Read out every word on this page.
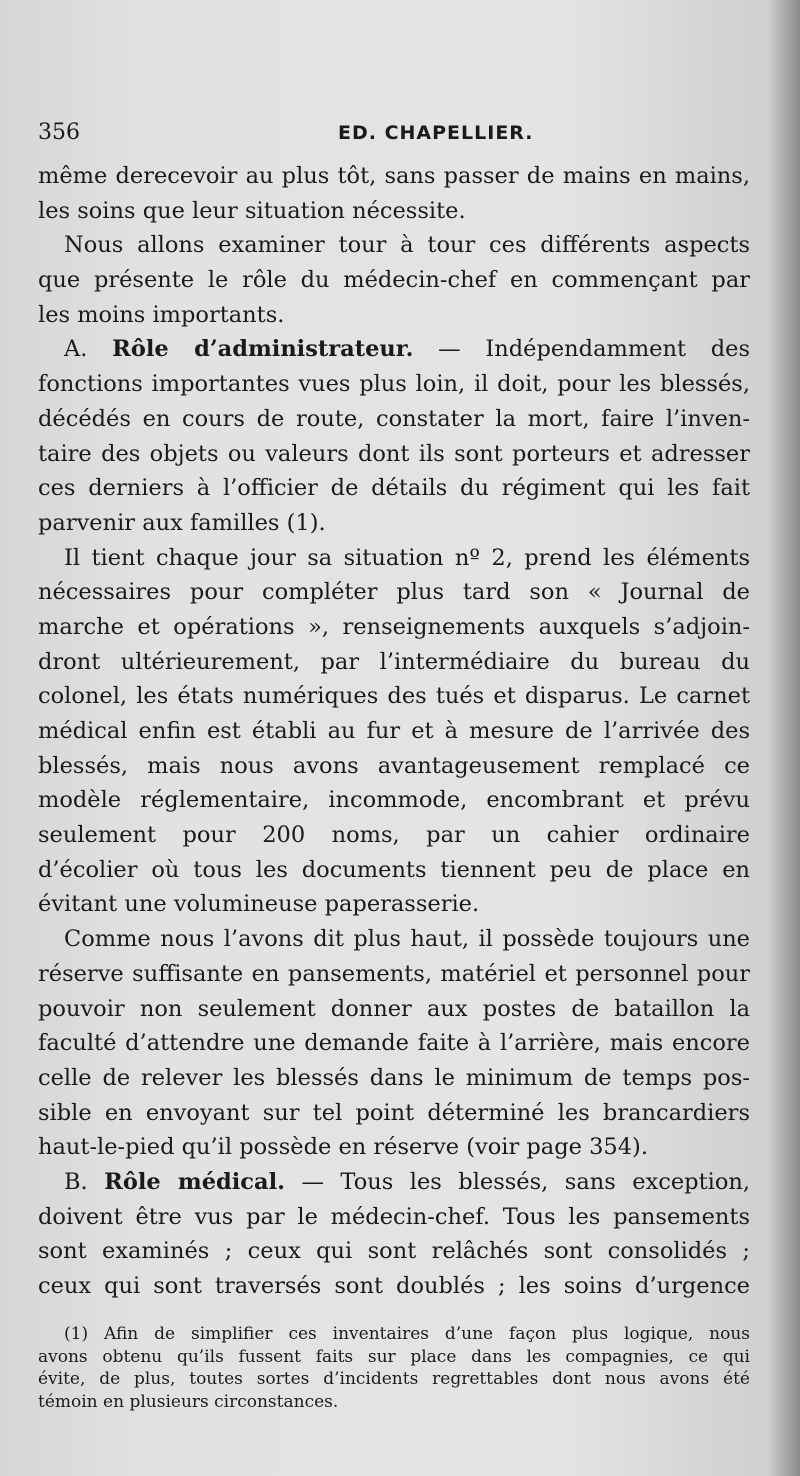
356	ED. CHAPELLIER.
même derecevoir au plus tôt, sans passer de mains en mains,
les soins que leur situation nécessite.
Nous allons examiner tour à tour ces différents aspects
que présente le rôle du médecin-chef en commençant par
les moins importants.
A. Rôle d’administrateur. — Indépendamment des
fonctions importantes vues plus loin, il doit, pour les blessés,
décédés en cours de route, constater la mort, faire l’inven-
taire des objets ou valeurs dont ils sont porteurs et adresser
ces derniers à l’officier de détails du régiment qui les fait
parvenir aux familles (1).
Il tient chaque jour sa situation nº 2, prend les éléments
nécessaires pour compléter plus tard son « Journal de
marche et opérations », renseignements auxquels s’adjoin-
dront ultérieurement, par l’intermédiaire du bureau du
colonel, les états numériques des tués et disparus. Le carnet
médical enfin est établi au fur et à mesure de l’arrivée des
blessés, mais nous avons avantageusement remplacé ce
modèle réglementaire, incommode, encombrant et prévu
seulement pour 200 noms, par un cahier ordinaire
d’écolier où tous les documents tiennent peu de place en
évitant une volumineuse paperasserie.
Comme nous l’avons dit plus haut, il possède toujours une
réserve suffisante en pansements, matériel et personnel pour
pouvoir non seulement donner aux postes de bataillon la
faculté d’attendre une demande faite à l’arrière, mais encore
celle de relever les blessés dans le minimum de temps pos-
sible en envoyant sur tel point déterminé les brancardiers
haut-le-pied qu’il possède en réserve (voir page 354).
B. Rôle médical. — Tous les blessés, sans exception,
doivent être vus par le médecin-chef. Tous les pansements
sont examinés ; ceux qui sont relâchés sont consolidés ;
ceux qui sont traversés sont doublés ; les soins d’urgence
(1) Afin de simplifier ces inventaires d’une façon plus logique, nous
avons obtenu qu’ils fussent faits sur place dans les compagnies, ce qui
évite, de plus, toutes sortes d’incidents regrettables dont nous avons été
témoin en plusieurs circonstances.
